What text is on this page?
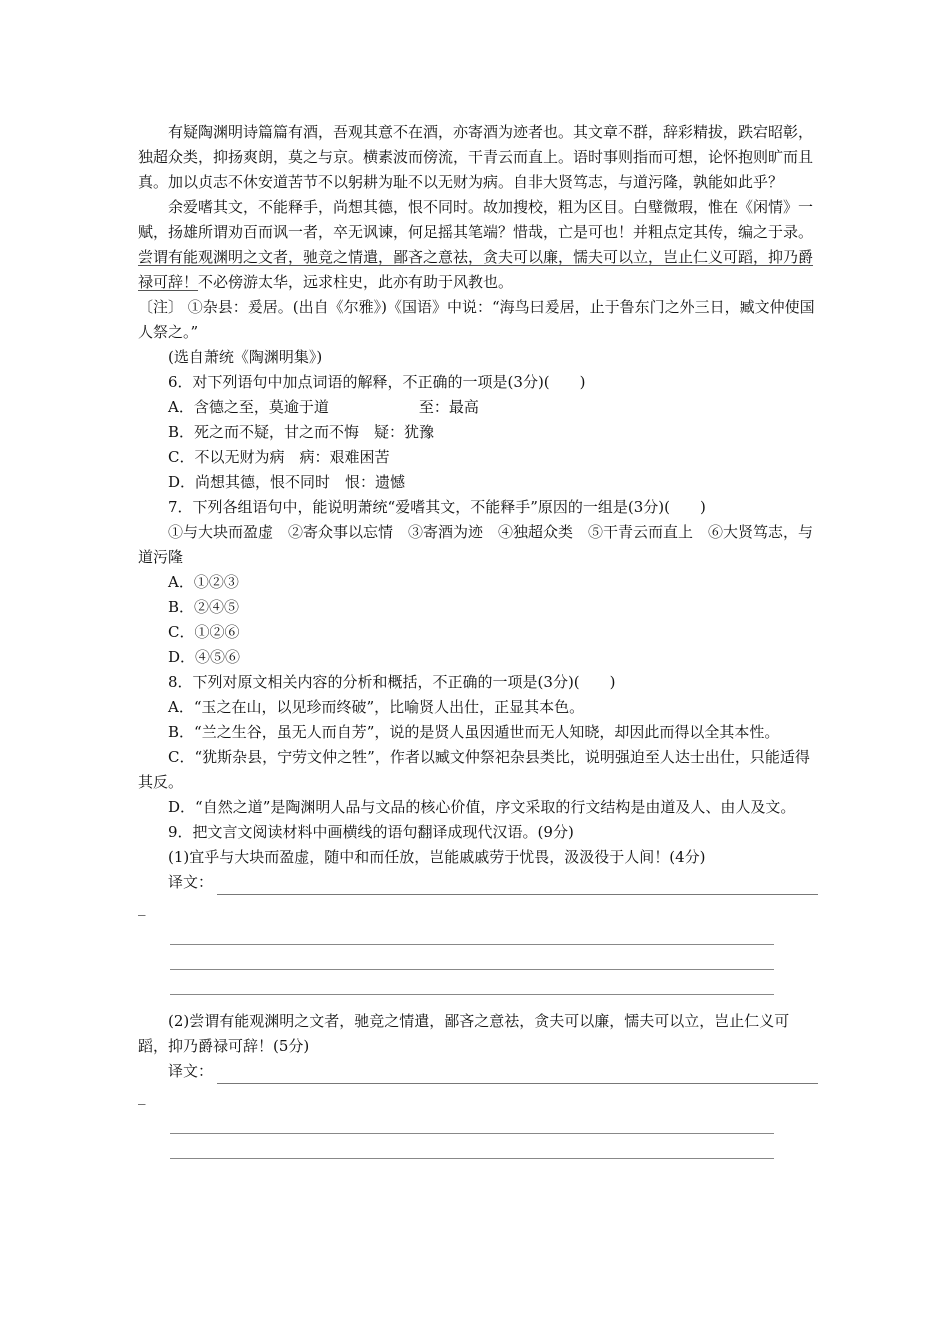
有疑陶渊明诗篇篇有酒，吾观其意不在酒，亦寄酒为迹者也。其文章不群，辞彩精拔，跌宕昭彰，独超众类，抑扬爽朗，莫之与京。横素波而傍流，干青云而直上。语时事则指而可想，论怀抱则旷而且真。加以贞志不休安道苦节不以躬耕为耻不以无财为病。自非大贤笃志，与道污隆，孰能如此乎？

余爱嗜其文，不能释手，尚想其德，恨不同时。故加搜校，粗为区目。白璧微瑕，惟在《闲情》一赋，扬雄所谓劝百而讽一者，卒无讽谏，何足摇其笔端？惜哉，亡是可也！并粗点定其传，编之于录。尝谓有能观渊明之文者，驰竞之情遣，鄙吝之意祛，贪夫可以廉，懦夫可以立，岂止仁义可蹈，抑乃爵禄可辞！不必傍游太华，远求柱史，此亦有助于风教也。

〔注〕 ①杂县：爰居。(出自《尔雅》)《国语》中说：“海鸟曰爰居，止于鲁东门之外三日，臧文仲使国人祭之。”

(选自萧统《陶渊明集》)

6．对下列语句中加点词语的解释，不正确的一项是(3分)(　　)

A．含德之至，莫逾于道　　　　　　至：最高

B．死之而不疑，甘之而不悔　疑：犹豫

C．不以无财为病　病：艰难困苦

D．尚想其德，恨不同时　恨：遗憾

7．下列各组语句中，能说明萧统“爱嗜其文，不能释手”原因的一组是(3分)(　　)

①与大块而盈虚　②寄众事以忘情　③寄酒为迹　④独超众类　⑤干青云而直上　⑥大贤笃志，与道污隆

A．①②③

B．②④⑤

C．①②⑥

D．④⑤⑥

8．下列对原文相关内容的分析和概括，不正确的一项是(3分)(　　)

A．“玉之在山，以见珍而终破”，比喻贤人出仕，正显其本色。

B．“兰之生谷，虽无人而自芳”，说的是贤人虽因遁世而无人知晓，却因此而得以全其本性。

C．“犹斯杂县，宁劳文仲之牲”，作者以臧文仲祭祀杂县类比，说明强迫至人达士出仕，只能适得其反。

D．“自然之道”是陶渊明人品与文品的核心价值，序文采取的行文结构是由道及人、由人及文。

9．把文言文阅读材料中画横线的语句翻译成现代汉语。(9分)

(1)宜乎与大块而盈虚，随中和而任放，岂能戚戚劳于忧畏，汲汲役于人间！(4分)

译文：
_

(2)尝谓有能观渊明之文者，驰竞之情遣，鄙吝之意祛，贪夫可以廉，懦夫可以立，岂止仁义可蹈，抑乃爵禄可辞！(5分)

译文：
_
